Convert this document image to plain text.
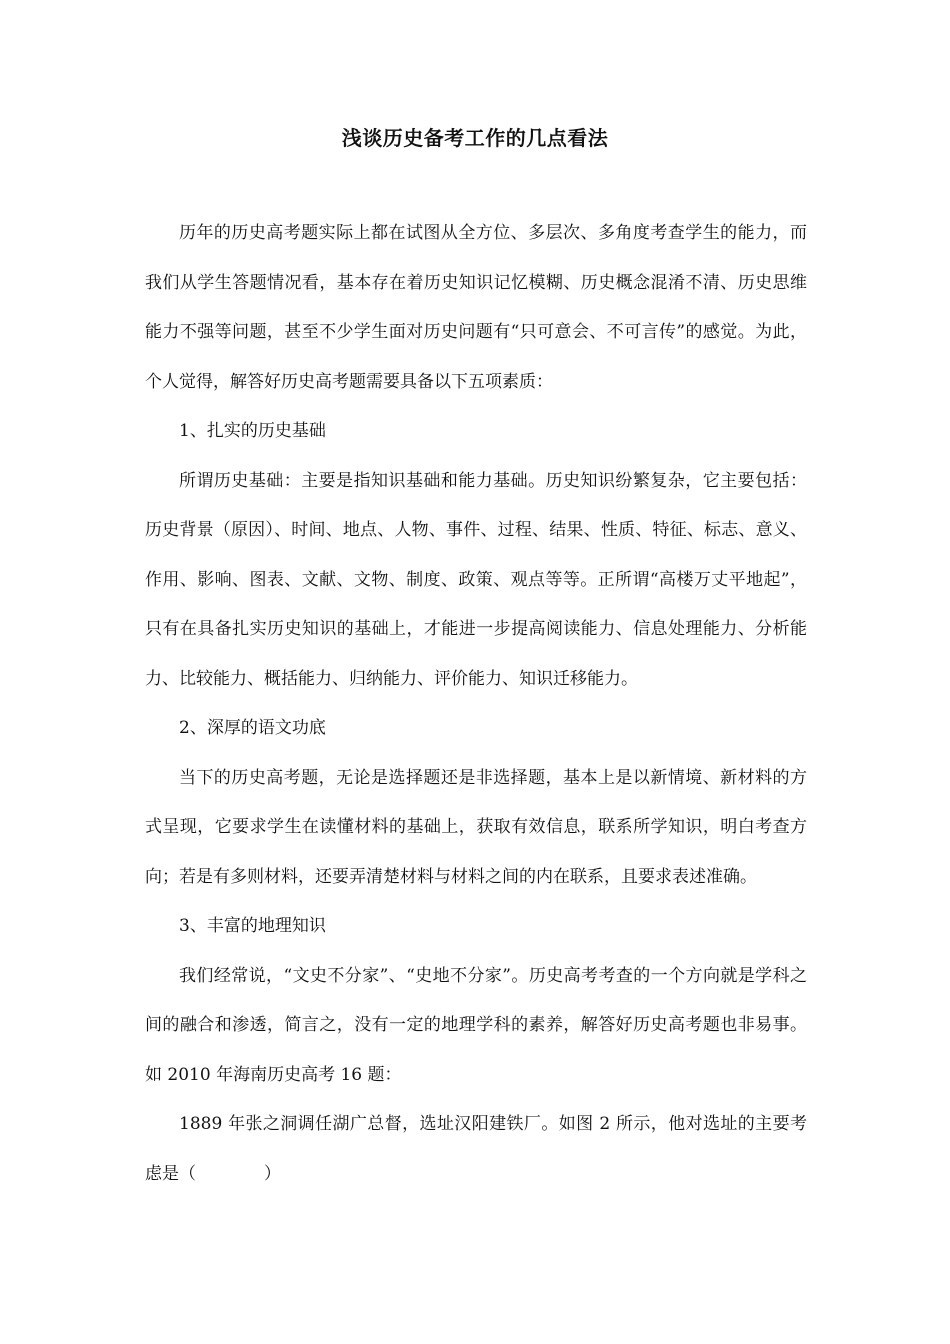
浅谈历史备考工作的几点看法

历年的历史高考题实际上都在试图从全方位、多层次、多角度考查学生的能力，而我们从学生答题情况看，基本存在着历史知识记忆模糊、历史概念混淆不清、历史思维能力不强等问题，甚至不少学生面对历史问题有“只可意会、不可言传”的感觉。为此，个人觉得，解答好历史高考题需要具备以下五项素质：

1、扎实的历史基础

所谓历史基础：主要是指知识基础和能力基础。历史知识纷繁复杂，它主要包括：历史背景（原因）、时间、地点、人物、事件、过程、结果、性质、特征、标志、意义、作用、影响、图表、文献、文物、制度、政策、观点等等。正所谓“高楼万丈平地起”，只有在具备扎实历史知识的基础上，才能进一步提高阅读能力、信息处理能力、分析能力、比较能力、概括能力、归纳能力、评价能力、知识迁移能力。

2、深厚的语文功底

当下的历史高考题，无论是选择题还是非选择题，基本上是以新情境、新材料的方式呈现，它要求学生在读懂材料的基础上，获取有效信息，联系所学知识，明白考查方向；若是有多则材料，还要弄清楚材料与材料之间的内在联系，且要求表述准确。

3、丰富的地理知识

我们经常说，“文史不分家”、“史地不分家”。历史高考考查的一个方向就是学科之间的融合和渗透，简言之，没有一定的地理学科的素养，解答好历史高考题也非易事。如 2010 年海南历史高考 16 题：

1889 年张之洞调任湖广总督，选址汉阳建铁厂。如图 2 所示，他对选址的主要考虑是（　　　　）
